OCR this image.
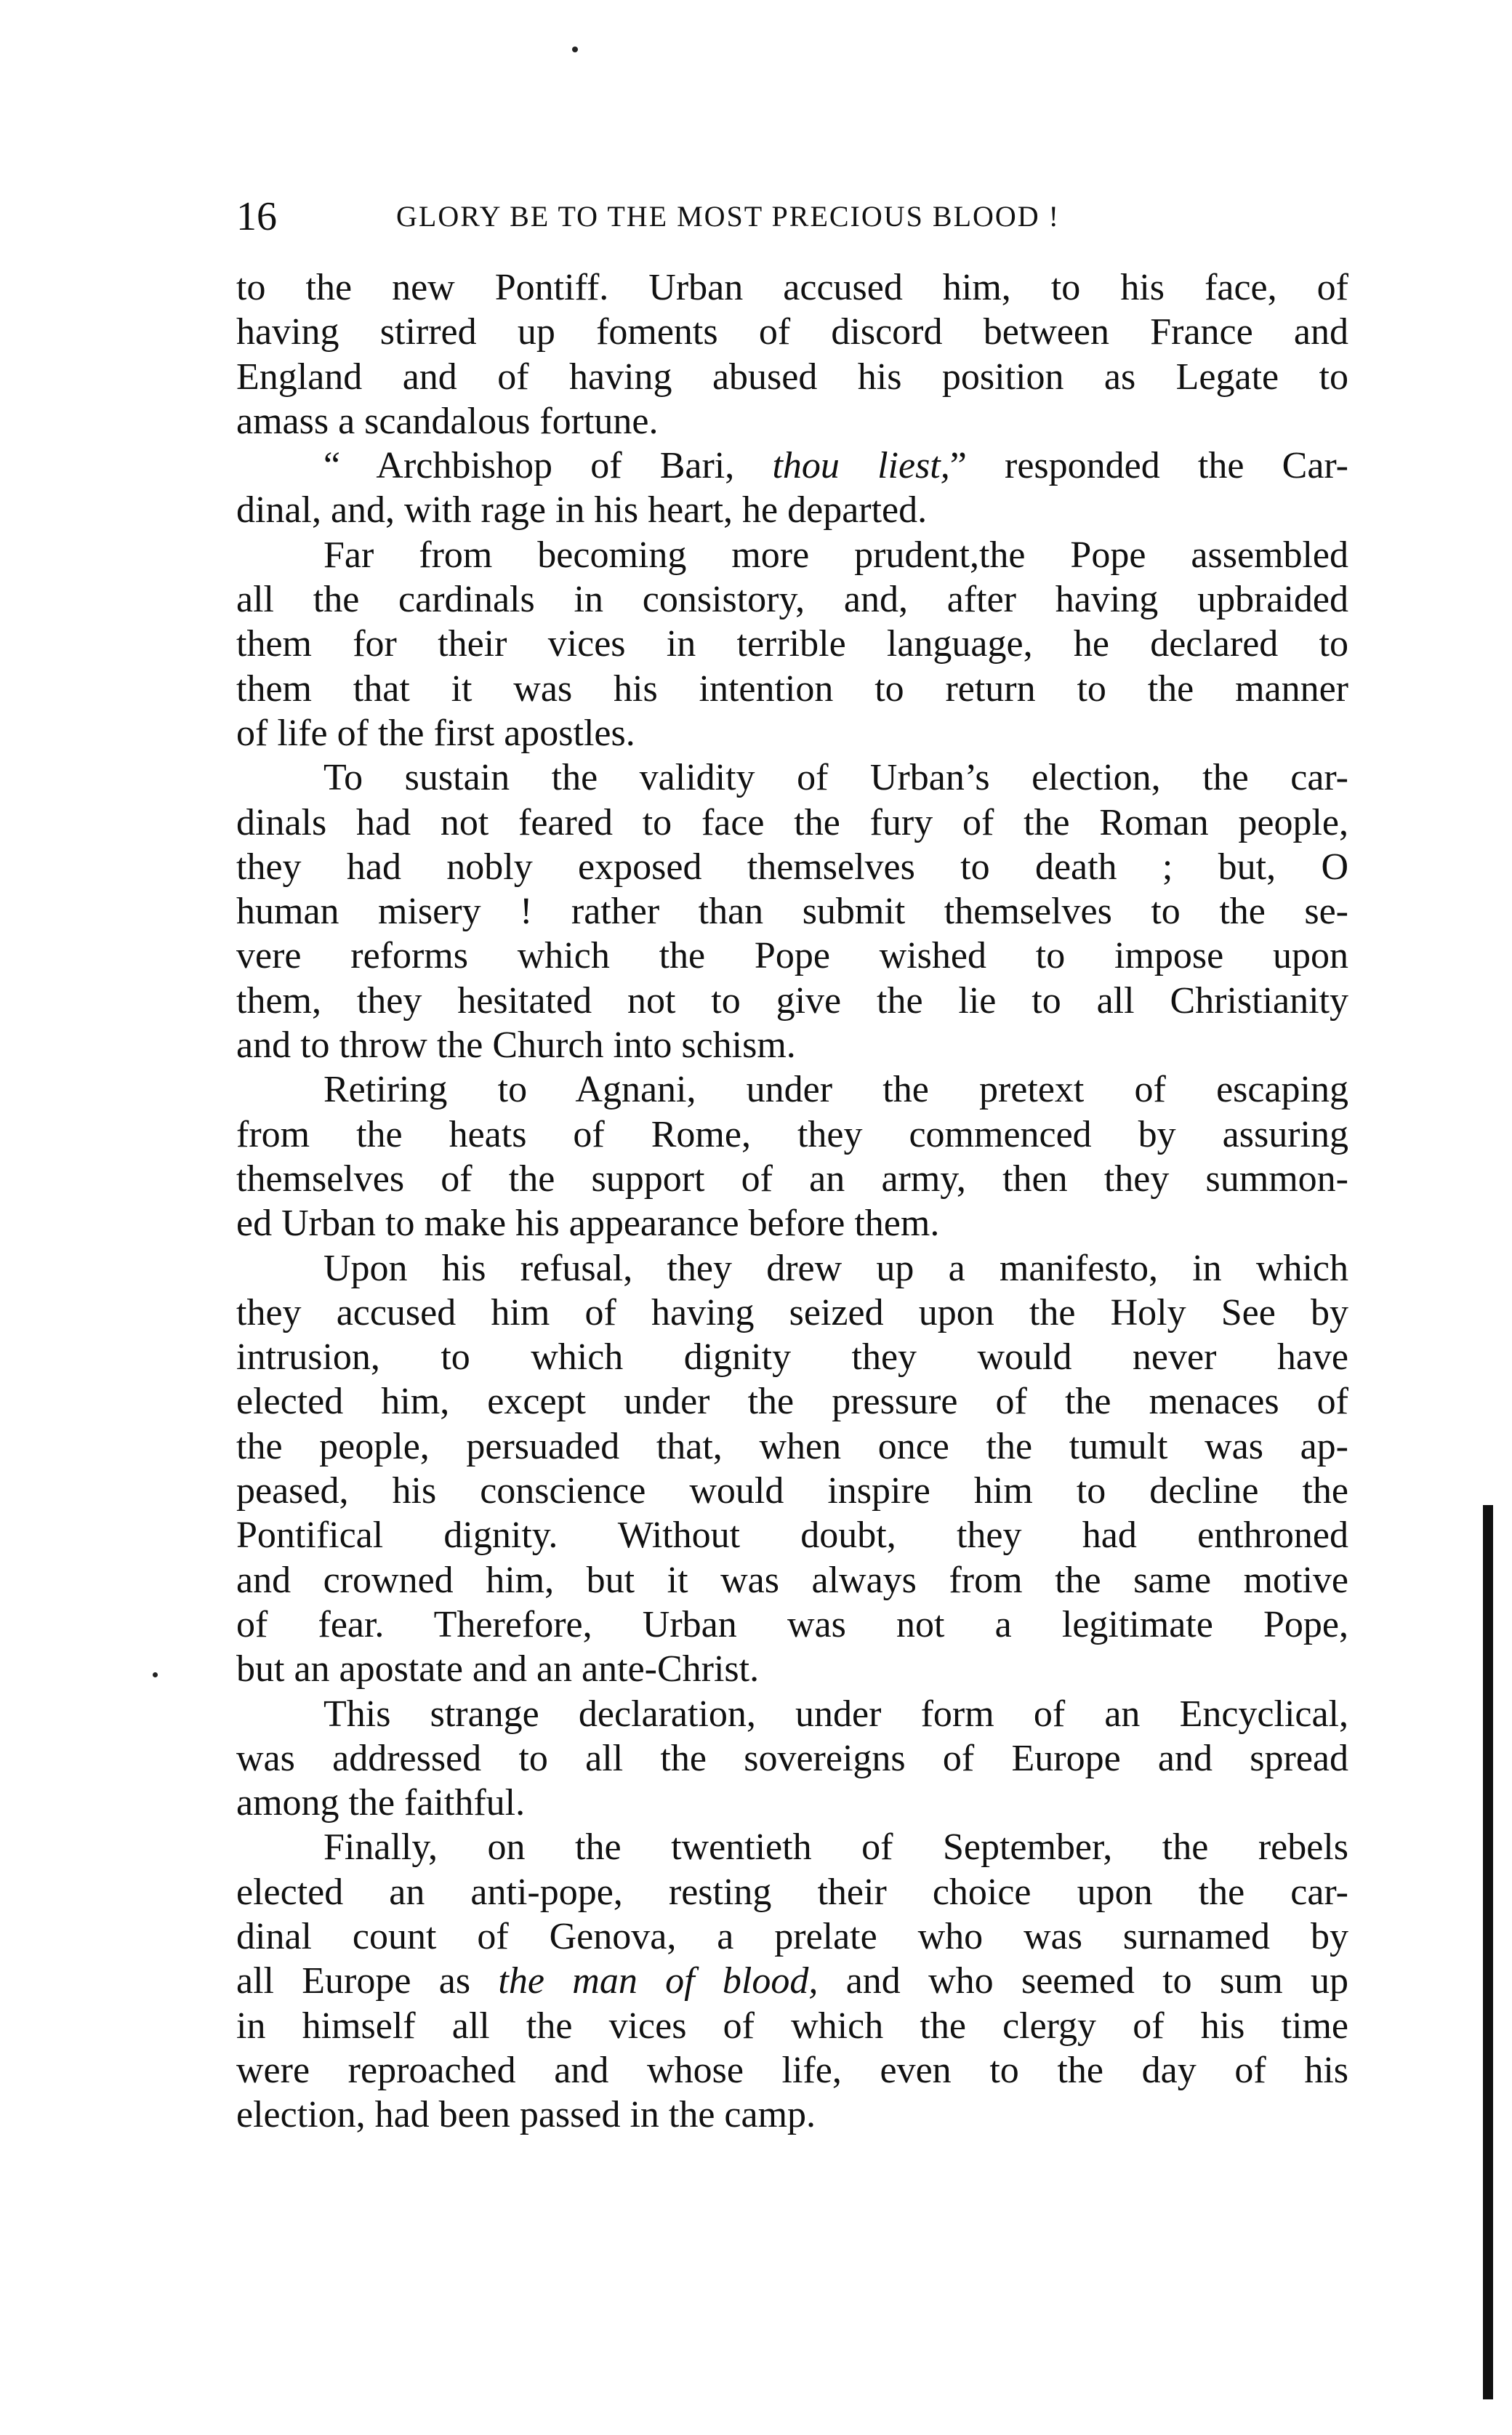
16	GLORY BE TO THE MOST PRECIOUS BLOOD !
to the new Pontiff. Urban accused him, to his face, of
having stirred up foments of discord between France and
England and of having abused his position as Legate to
amass a scandalous fortune.
“ Archbishop of Bari, thou liest,” responded the Car-
dinal, and, with rage in his heart, he departed.
Far from becoming more prudent,the Pope assembled
all the cardinals in consistory, and, after having upbraided
them for their vices in terrible language, he declared to
them that it was his intention to return to the manner
of life of the first apostles.
To sustain the validity of Urban’s election, the car-
dinals had not feared to face the fury of the Roman people,
they had nobly exposed themselves to death ; but, O
human misery ! rather than submit themselves to the se-
vere reforms which the Pope wished to impose upon
them, they hesitated not to give the lie to all Christianity
and to throw the Church into schism.
Retiring to Agnani, under the pretext of escaping
from the heats of Rome, they commenced by assuring
themselves of the support of an army, then they summon-
ed Urban to make his appearance before them.
Upon his refusal, they drew up a manifesto, in which
they accused him of having seized upon the Holy See by
intrusion, to which dignity they would never have
elected him, except under the pressure of the menaces of
the people, persuaded that, when once the tumult was ap-
peased, his conscience would inspire him to decline the
Pontifical dignity. Without doubt, they had enthroned
and crowned him, but it was always from the same motive
of fear. Therefore, Urban was not a legitimate Pope,
but an apostate and an ante-Christ.
This strange declaration, under form of an Encyclical,
was addressed to all the sovereigns of Europe and spread
among the faithful.
Finally, on the twentieth of September, the rebels
elected an anti-pope, resting their choice upon the car-
dinal count of Genova, a prelate who was surnamed by
all Europe as the man of blood, and who seemed to sum up
in himself all the vices of which the clergy of his time
were reproached and whose life, even to the day of his
election, had been passed in the camp.
